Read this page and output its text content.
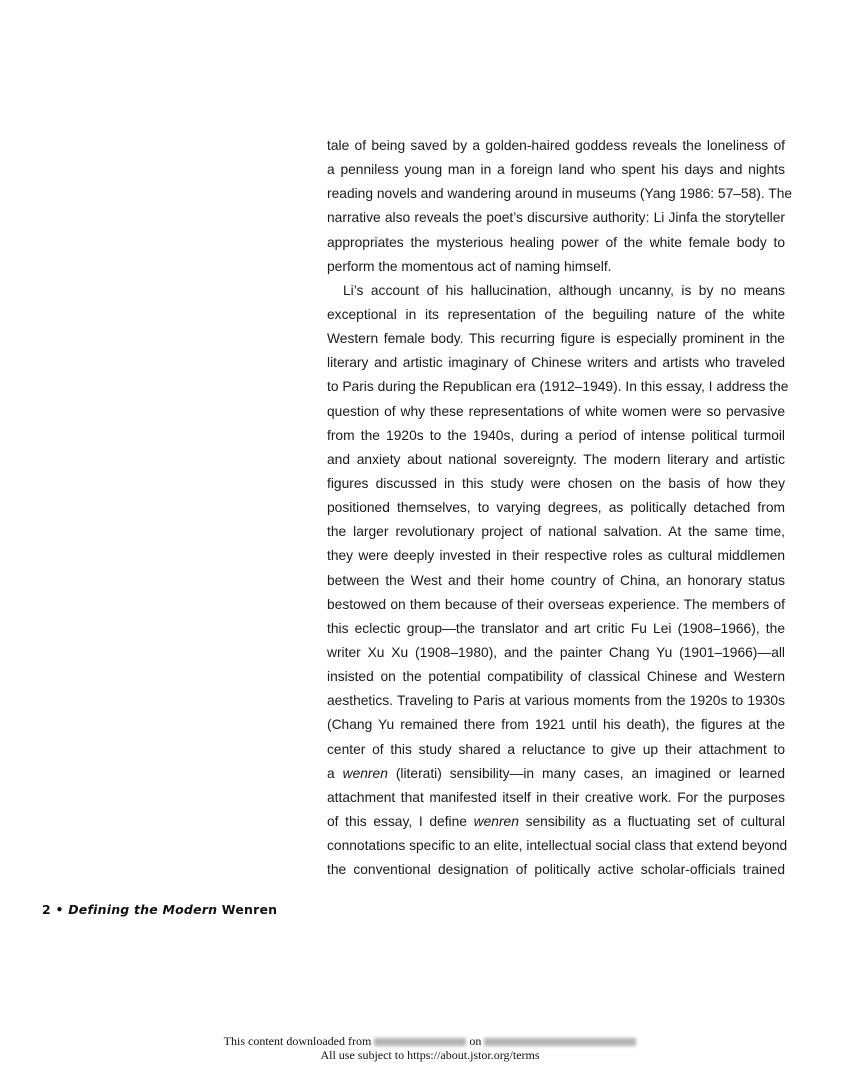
tale of being saved by a golden-haired goddess reveals the loneliness of
a penniless young man in a foreign land who spent his days and nights
reading novels and wandering around in museums (Yang 1986: 57–58). The
narrative also reveals the poet’s discursive authority: Li Jinfa the storyteller
appropriates the mysterious healing power of the white female body to
perform the momentous act of naming himself.
Li’s account of his hallucination, although uncanny, is by no means
exceptional in its representation of the beguiling nature of the white
Western female body. This recurring figure is especially prominent in the
literary and artistic imaginary of Chinese writers and artists who traveled
to Paris during the Republican era (1912–1949). In this essay, I address the
question of why these representations of white women were so pervasive
from the 1920s to the 1940s, during a period of intense political turmoil
and anxiety about national sovereignty. The modern literary and artistic
figures discussed in this study were chosen on the basis of how they
positioned themselves, to varying degrees, as politically detached from
the larger revolutionary project of national salvation. At the same time,
they were deeply invested in their respective roles as cultural middlemen
between the West and their home country of China, an honorary status
bestowed on them because of their overseas experience. The members of
this eclectic group—the translator and art critic Fu Lei (1908–1966), the
writer Xu Xu (1908–1980), and the painter Chang Yu (1901–1966)—all
insisted on the potential compatibility of classical Chinese and Western
aesthetics. Traveling to Paris at various moments from the 1920s to 1930s
(Chang Yu remained there from 1921 until his death), the figures at the
center of this study shared a reluctance to give up their attachment to
a wenren (literati) sensibility—in many cases, an imagined or learned
attachment that manifested itself in their creative work. For the purposes
of this essay, I define wenren sensibility as a fluctuating set of cultural
connotations specific to an elite, intellectual social class that extend beyond
the conventional designation of politically active scholar-officials trained
2 • Defining the Modern Wenren
This content downloaded from	on
All use subject to https://about.jstor.org/terms
